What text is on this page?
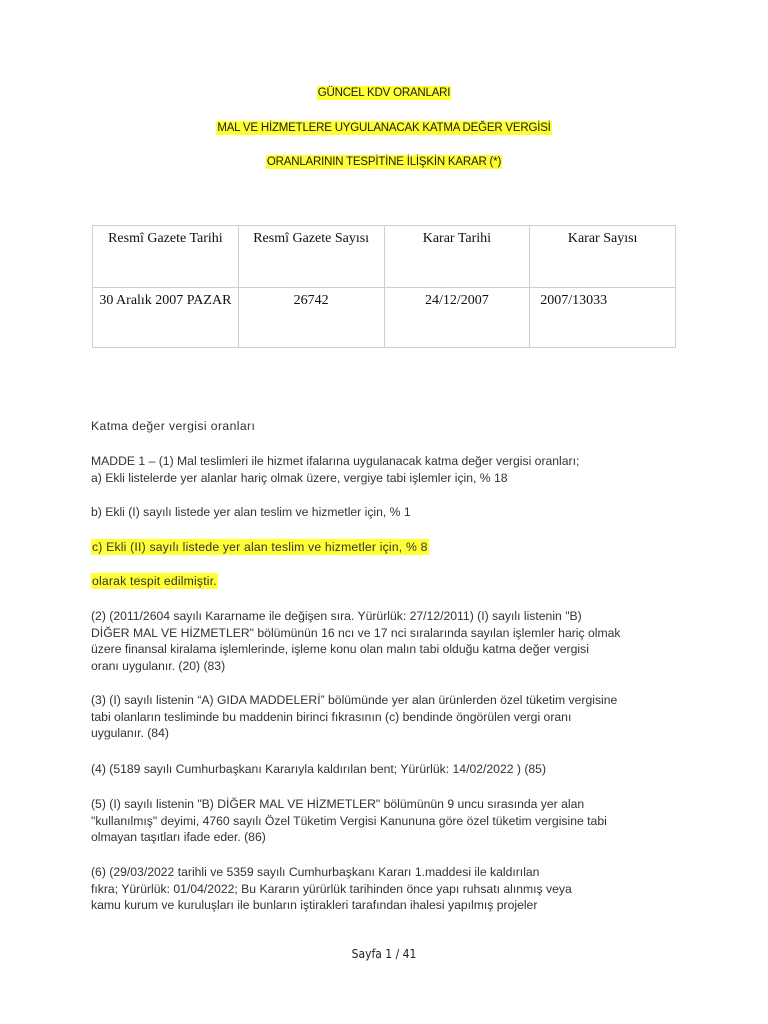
GÜNCEL KDV ORANLARI
MAL VE HİZMETLERE UYGULANACAK KATMA DEĞER VERGİSİ
ORANLARININ TESPİTİNE İLİŞKİN KARAR (*)
Resmî Gazete Tarihi	Resmî Gazete Sayısı	Karar Tarihi	Karar Sayısı
30 Aralık 2007 PAZAR	26742	24/12/2007	2007/13033

Katma değer vergisi oranları

MADDE 1 – (1) Mal teslimleri ile hizmet ifalarına uygulanacak katma değer vergisi oranları;

a) Ekli listelerde yer alanlar hariç olmak üzere, vergiye tabi işlemler için, % 18

b) Ekli (I) sayılı listede yer alan teslim ve hizmetler için, % 1

c) Ekli (II) sayılı listede yer alan teslim ve hizmetler için, % 8

olarak tespit edilmiştir.

(2) (2011/2604 sayılı Kararname ile değişen sıra. Yürürlük: 27/12/2011) (I) sayılı listenin "B)

DİĞER MAL VE HİZMETLER" bölümünün 16 ncı ve 17 nci sıralarında sayılan işlemler hariç olmak

üzere finansal kiralama işlemlerinde, işleme konu olan malın tabi olduğu katma değer vergisi

oranı uygulanır. (20) (83)

(3) (I) sayılı listenin “A) GIDA MADDELERİ” bölümünde yer alan ürünlerden özel tüketim vergisine

tabi olanların tesliminde bu maddenin birinci fıkrasının (c) bendinde öngörülen vergi oranı

uygulanır. (84)

(4) (5189 sayılı Cumhurbaşkanı Kararıyla kaldırılan bent; Yürürlük: 14/02/2022 ) (85)

(5) (I) sayılı listenin "B) DİĞER MAL VE HİZMETLER" bölümünün 9 uncu sırasında yer alan

"kullanılmış" deyimi, 4760 sayılı Özel Tüketim Vergisi Kanununa göre özel tüketim vergisine tabi

olmayan taşıtları ifade eder. (86)

(6) (29/03/2022 tarihli ve 5359 sayılı Cumhurbaşkanı Kararı 1.maddesi ile kaldırılan

fıkra; Yürürlük: 01/04/2022; Bu Kararın yürürlük tarihinden önce yapı ruhsatı alınmış veya

kamu kurum ve kuruluşları ile bunların iştirakleri tarafından ihalesi yapılmış projeler

Sayfa 1 / 41
